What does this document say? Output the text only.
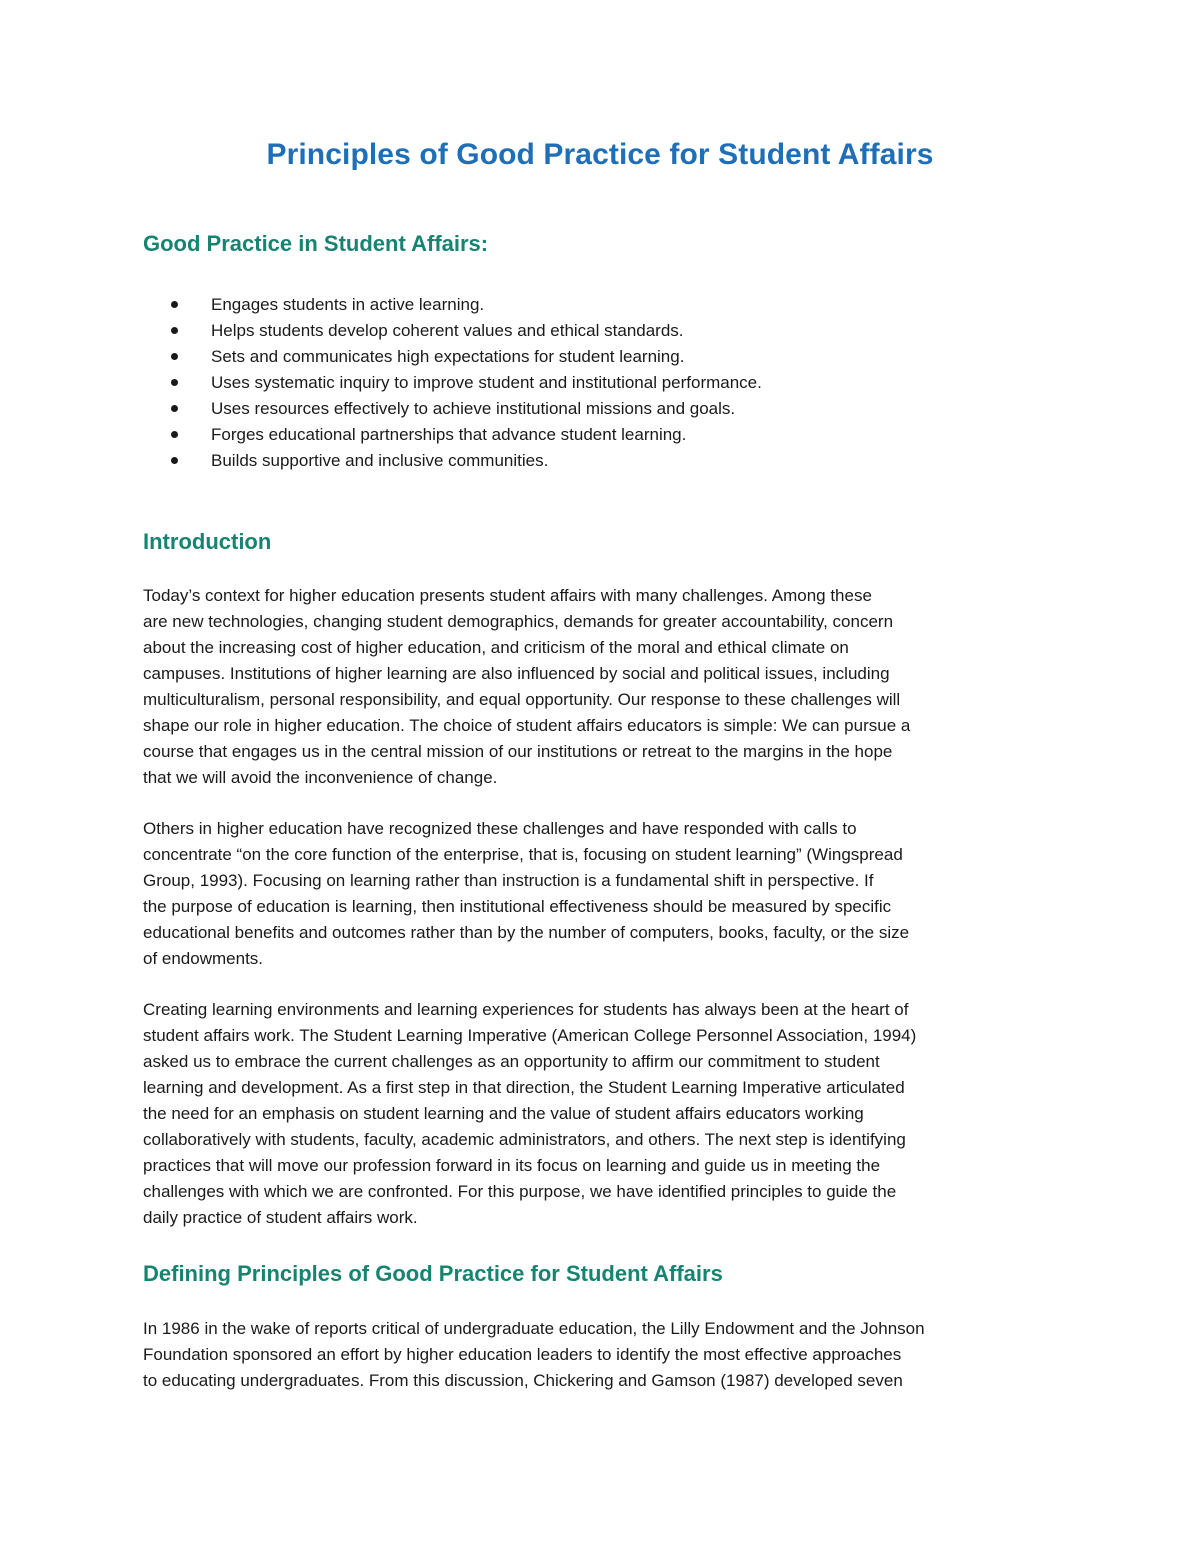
Principles of Good Practice for Student Affairs
Good Practice in Student Affairs:
Engages students in active learning.
Helps students develop coherent values and ethical standards.
Sets and communicates high expectations for student learning.
Uses systematic inquiry to improve student and institutional performance.
Uses resources effectively to achieve institutional missions and goals.
Forges educational partnerships that advance student learning.
Builds supportive and inclusive communities.
Introduction

Today’s context for higher education presents student affairs with many challenges. Among these
are new technologies, changing student demographics, demands for greater accountability, concern
about the increasing cost of higher education, and criticism of the moral and ethical climate on
campuses. Institutions of higher learning are also influenced by social and political issues, including
multiculturalism, personal responsibility, and equal opportunity. Our response to these challenges will
shape our role in higher education. The choice of student affairs educators is simple: We can pursue a
course that engages us in the central mission of our institutions or retreat to the margins in the hope
that we will avoid the inconvenience of change.

Others in higher education have recognized these challenges and have responded with calls to
concentrate “on the core function of the enterprise, that is, focusing on student learning” (Wingspread
Group, 1993). Focusing on learning rather than instruction is a fundamental shift in perspective. If
the purpose of education is learning, then institutional effectiveness should be measured by specific
educational benefits and outcomes rather than by the number of computers, books, faculty, or the size
of endowments.

Creating learning environments and learning experiences for students has always been at the heart of
student affairs work. The Student Learning Imperative (American College Personnel Association, 1994)
asked us to embrace the current challenges as an opportunity to affirm our commitment to student
learning and development. As a first step in that direction, the Student Learning Imperative articulated
the need for an emphasis on student learning and the value of student affairs educators working
collaboratively with students, faculty, academic administrators, and others. The next step is identifying
practices that will move our profession forward in its focus on learning and guide us in meeting the
challenges with which we are confronted. For this purpose, we have identified principles to guide the
daily practice of student affairs work.

Defining Principles of Good Practice for Student Affairs

In 1986 in the wake of reports critical of undergraduate education, the Lilly Endowment and the Johnson
Foundation sponsored an effort by higher education leaders to identify the most effective approaches
to educating undergraduates. From this discussion, Chickering and Gamson (1987) developed seven
